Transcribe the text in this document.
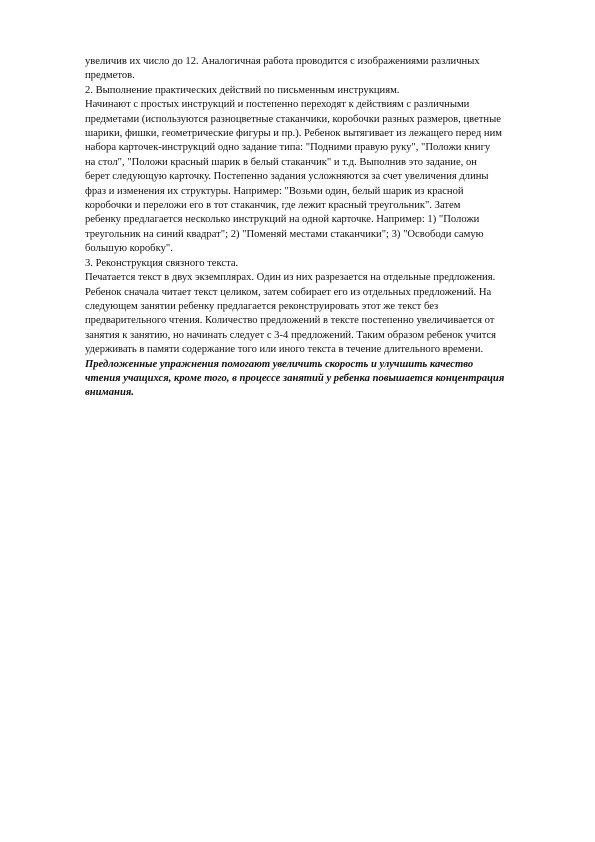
увеличив их число до 12. Аналогичная работа проводится с изображениями различных
предметов.
2. Выполнение практических действий по письменным инструкциям.
Начинают с простых инструкций и постепенно переходят к действиям с различными
предметами (используются разноцветные стаканчики, коробочки разных размеров, цветные
шарики, фишки, геометрические фигуры и пр.). Ребенок вытягивает из лежащего перед ним
набора карточек-инструкций одно задание типа: "Подними правую руку", "Положи книгу
на стол", "Положи красный шарик в белый стаканчик" и т.д. Выполнив это задание, он
берет следующую карточку. Постепенно задания усложняются за счет увеличения длины
фраз и изменения их структуры. Например: "Возьми один, белый шарик из красной
коробочки и переложи его в тот стаканчик, где лежит красный треугольник". Затем
ребенку предлагается несколько инструкций на одной карточке. Например: 1) "Положи
треугольник на синий квадрат"; 2) "Поменяй местами стаканчики"; 3) "Освободи самую
большую коробку".
3. Реконструкция связного текста.
Печатается текст в двух экземплярах. Один из них разрезается на отдельные предложения.
Ребенок сначала читает текст целиком, затем собирает его из отдельных предложений. На
следующем занятии ребенку предлагается реконструировать этот же текст без
предварительного чтения. Количество предложений в тексте постепенно увеличивается от
занятия к занятию, но начинать следует с 3-4 предложений. Таким образом ребенок учится
удерживать в памяти содержание того или иного текста в течение длительного времени.
Предложенные упражнения помогают увеличить скорость и улучшить качество
чтения учащихся, кроме того, в процессе занятий у ребенка повышается концентрация
внимания.
